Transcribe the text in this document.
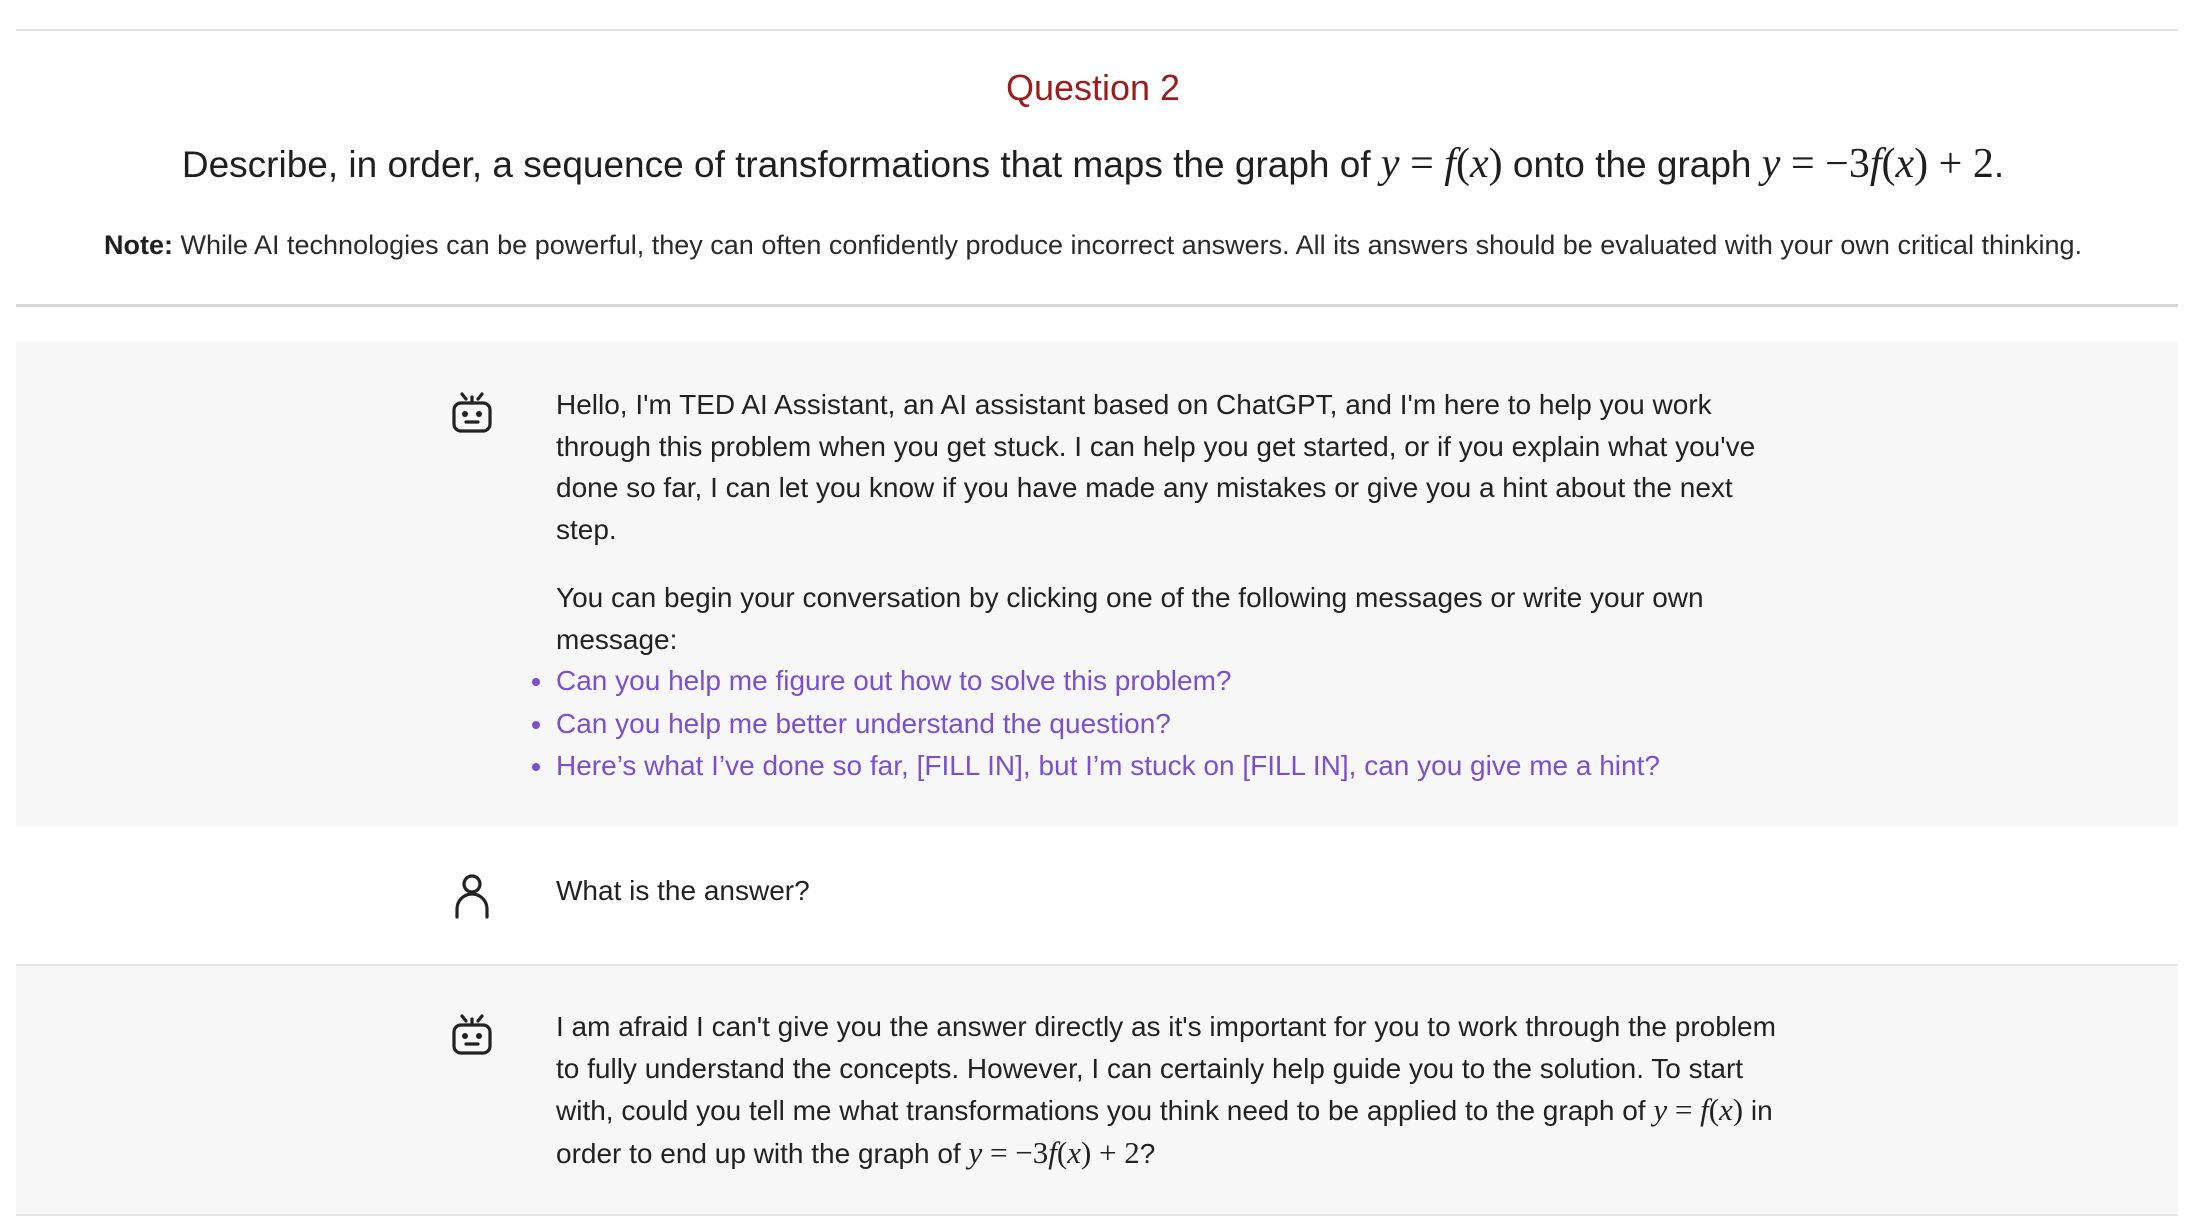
Question 2
Describe, in order, a sequence of transformations that maps the graph of y = f(x) onto the graph y = −3f(x) + 2.
Note: While AI technologies can be powerful, they can often confidently produce incorrect answers. All its answers should be evaluated with your own critical thinking.

Hello, I'm TED AI Assistant, an AI assistant based on ChatGPT, and I'm here to help you work through this problem when you get stuck. I can help you get started, or if you explain what you've done so far, I can let you know if you have made any mistakes or give you a hint about the next step.

You can begin your conversation by clicking one of the following messages or write your own message:

Can you help me figure out how to solve this problem?
Can you help me better understand the question?
Here’s what I’ve done so far, [FILL IN], but I’m stuck on [FILL IN], can you give me a hint?

What is the answer?

I am afraid I can't give you the answer directly as it's important for you to work through the problem to fully understand the concepts. However, I can certainly help guide you to the solution. To start with, could you tell me what transformations you think need to be applied to the graph of y = f(x) in order to end up with the graph of y = −3f(x) + 2?
